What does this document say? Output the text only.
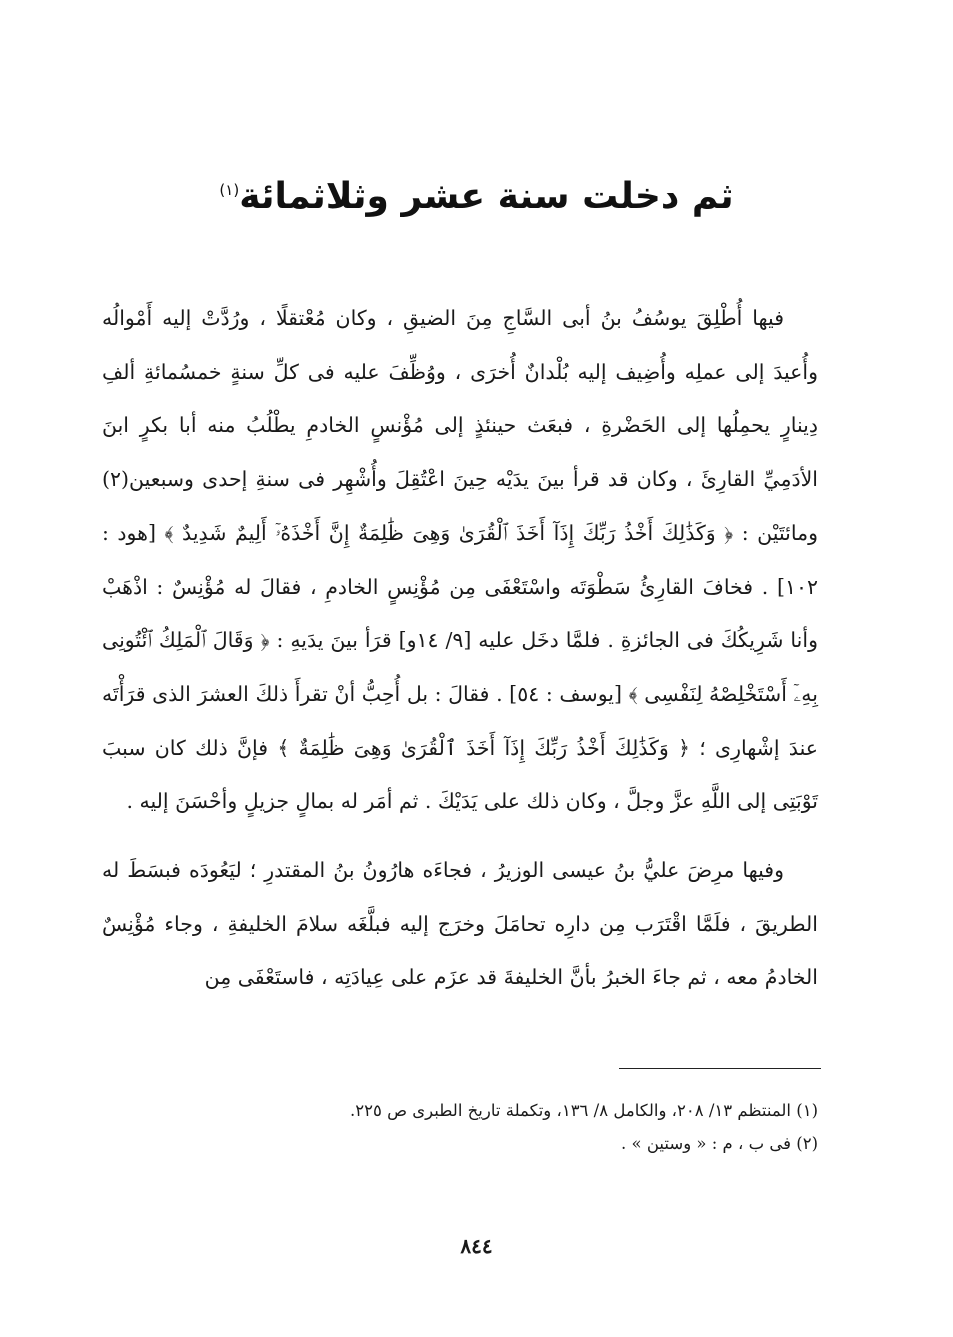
ثم دخلت سنة عشر وثلاثمائة$^{(١)}$

فيها أُطْلِقَ يوسُفُ بنُ أبى السَّاجِ مِنَ الضيقِ ، وكان مُعْتقلًا ، ورُدَّتْ إليه أَمْوالُه وأُعيدَ إلى عملِه وأُضِيف إليه بُلْدانٌ أُخرَى ، ووُظِّفَ عليه فى كلِّ سنةٍ خمسُمائةِ ألفِ دِينارٍ يحمِلُها إلى الحَضْرةِ ، فبعَث حينئذٍ إلى مُؤْنسٍ الخادمِ يطْلُبُ منه أبا بكرٍ ابنَ الأدَمِيِّ القارِئَ ، وكان قد قرأ بينَ يدَيْه حِينَ اعْتُقِلَ وأُشْهِر فى سنةِ إحدى وسبعين(٢) ومائتَيْن : ﴿ وَكَذَٰلِكَ أَخْذُ رَبِّكَ إِذَآ أَخَذَ ٱلْقُرَىٰ وَهِىَ ظَٰلِمَةٌ إِنَّ أَخْذَهُۥٓ أَلِيمٌ شَدِيدٌ ﴾ [هود : ١٠٢] . فخافَ القارِئُ سَطْوَتَه واسْتَعْفَى مِن مُؤْنِسٍ الخادمِ ، فقالَ له مُؤْنِسٌ : اذْهَبْ وأنا شَرِيكُكَ فى الجائزةِ . فلمَّا دخَل عليه [٩/ ١٤و] قرَأ بينَ يدَيهِ : ﴿ وَقَالَ ٱلْمَلِكُ ٱئْتُونِى بِهِۦٓ أَسْتَخْلِصْهُ لِنَفْسِى ﴾ [يوسف : ٥٤] . فقالَ : بل أُحِبُّ أنْ تقرأَ ذلكَ العشرَ الذى قرَأْتَه عندَ إشْهارِى ؛ ﴿ وَكَذَٰلِكَ أَخْذُ رَبِّكَ إِذَآ أَخَذَ ٱلْقُرَىٰ وَهِىَ ظَٰلِمَةٌ ﴾ فإنَّ ذلك كان سببَ تَوْبَتِى إلى اللَّهِ عزَّ وجلَّ ، وكان ذلك على يَدَيْكَ . ثم أمَر له بمالٍ جزيلٍ وأحْسَنَ إليه .

وفيها مرِضَ عليُّ بنُ عيسى الوزيرُ ، فجاءَه هارُونُ بنُ المقتدرِ ؛ ليَعُودَه فبسَطَ له الطريقَ ، فلَمَّا اقْتَرَب مِن دارِه تحامَلَ وخرَج إليه فبلَّغَه سلامَ الخليفةِ ، وجاء مُؤْنِسٌ الخادمُ معه ، ثم جاءَ الخبرُ بأنَّ الخليفةَ قد عزَم على عِيادَتِه ، فاستَعْفَى مِن

(١) المنتظم ١٣/ ٢٠٨، والكامل ٨/ ١٣٦، وتكملة تاريخ الطبرى ص ٢٢٥.
(٢) فى ب ، م : « وستين » .
٨٤٤
